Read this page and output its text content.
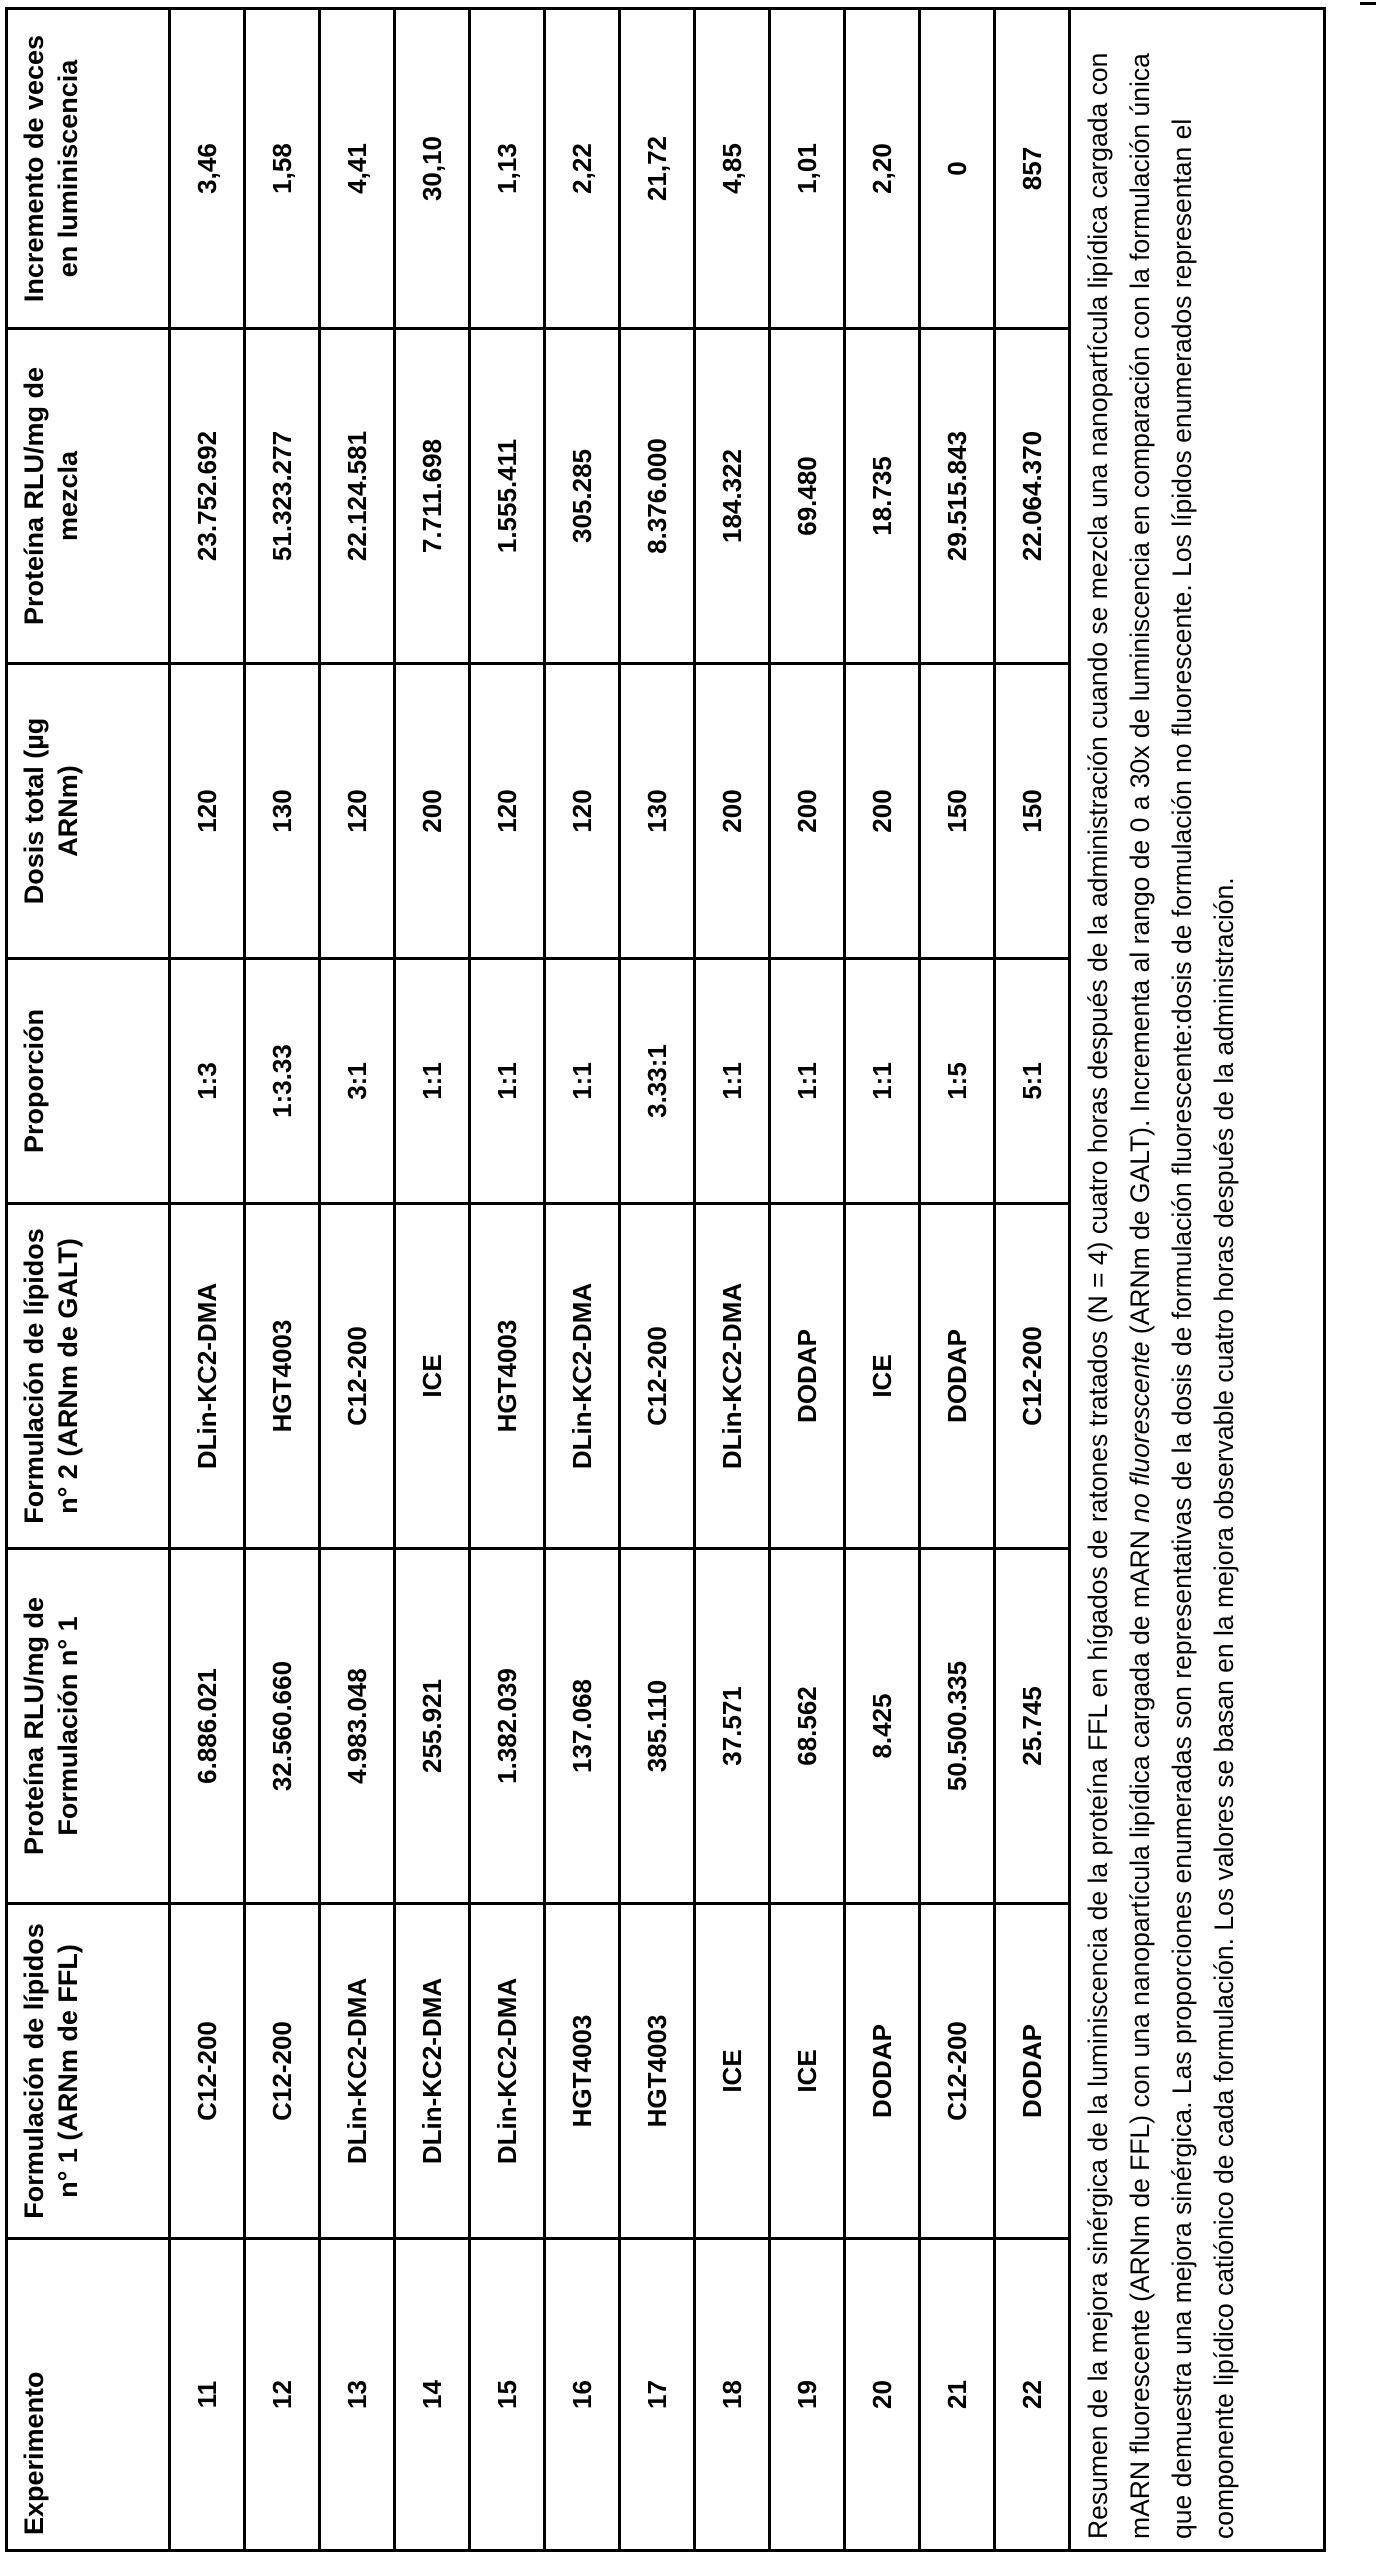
Experimento	Formulación de lípidos n° 1 (ARNm de FFL)	Proteína RLU/mg de Formulación n° 1	Formulación de lípidos n° 2 (ARNm de GALT)	Proporción	Dosis total (µg ARNm)	Proteína RLU/mg de mezcla	Incremento de veces en luminiscencia
11	C12-200	6.886.021	DLin-KC2-DMA	1:3	120	23.752.692	3,46
12	C12-200	32.560.660	HGT4003	1:3.33	130	51.323.277	1,58
13	DLin-KC2-DMA	4.983.048	C12-200	3:1	120	22.124.581	4,41
14	DLin-KC2-DMA	255.921	ICE	1:1	200	7.711.698	30,10
15	DLin-KC2-DMA	1.382.039	HGT4003	1:1	120	1.555.411	1,13
16	HGT4003	137.068	DLin-KC2-DMA	1:1	120	305.285	2,22
17	HGT4003	385.110	C12-200	3.33:1	130	8.376.000	21,72
18	ICE	37.571	DLin-KC2-DMA	1:1	200	184.322	4,85
19	ICE	68.562	DODAP	1:1	200	69.480	1,01
20	DODAP	8.425	ICE	1:1	200	18.735	2,20
21	C12-200	50.500.335	DODAP	1:5	150	29.515.843	0
22	DODAP	25.745	C12-200	5:1	150	22.064.370	857
Resumen de la mejora sinérgica de la luminiscencia de la proteína FFL en hígados de ratones tratados (N = 4) cuatro horas después de la administración cuando se mezcla una nanopartícula lipídica cargada con mARN fluorescente (ARNm de FFL) con una nanopartícula lipídica cargada de mARN no fluorescente (ARNm de GALT). Incrementa al rango de 0 a 30x de luminiscencia en comparación con la formulación única que demuestra una mejora sinérgica. Las proporciones enumeradas son representativas de la dosis de formulación fluorescente:dosis de formulación no fluorescente. Los lípidos enumerados representan el componente lipídico catiónico de cada formulación. Los valores se basan en la mejora observable cuatro horas después de la administración.							
